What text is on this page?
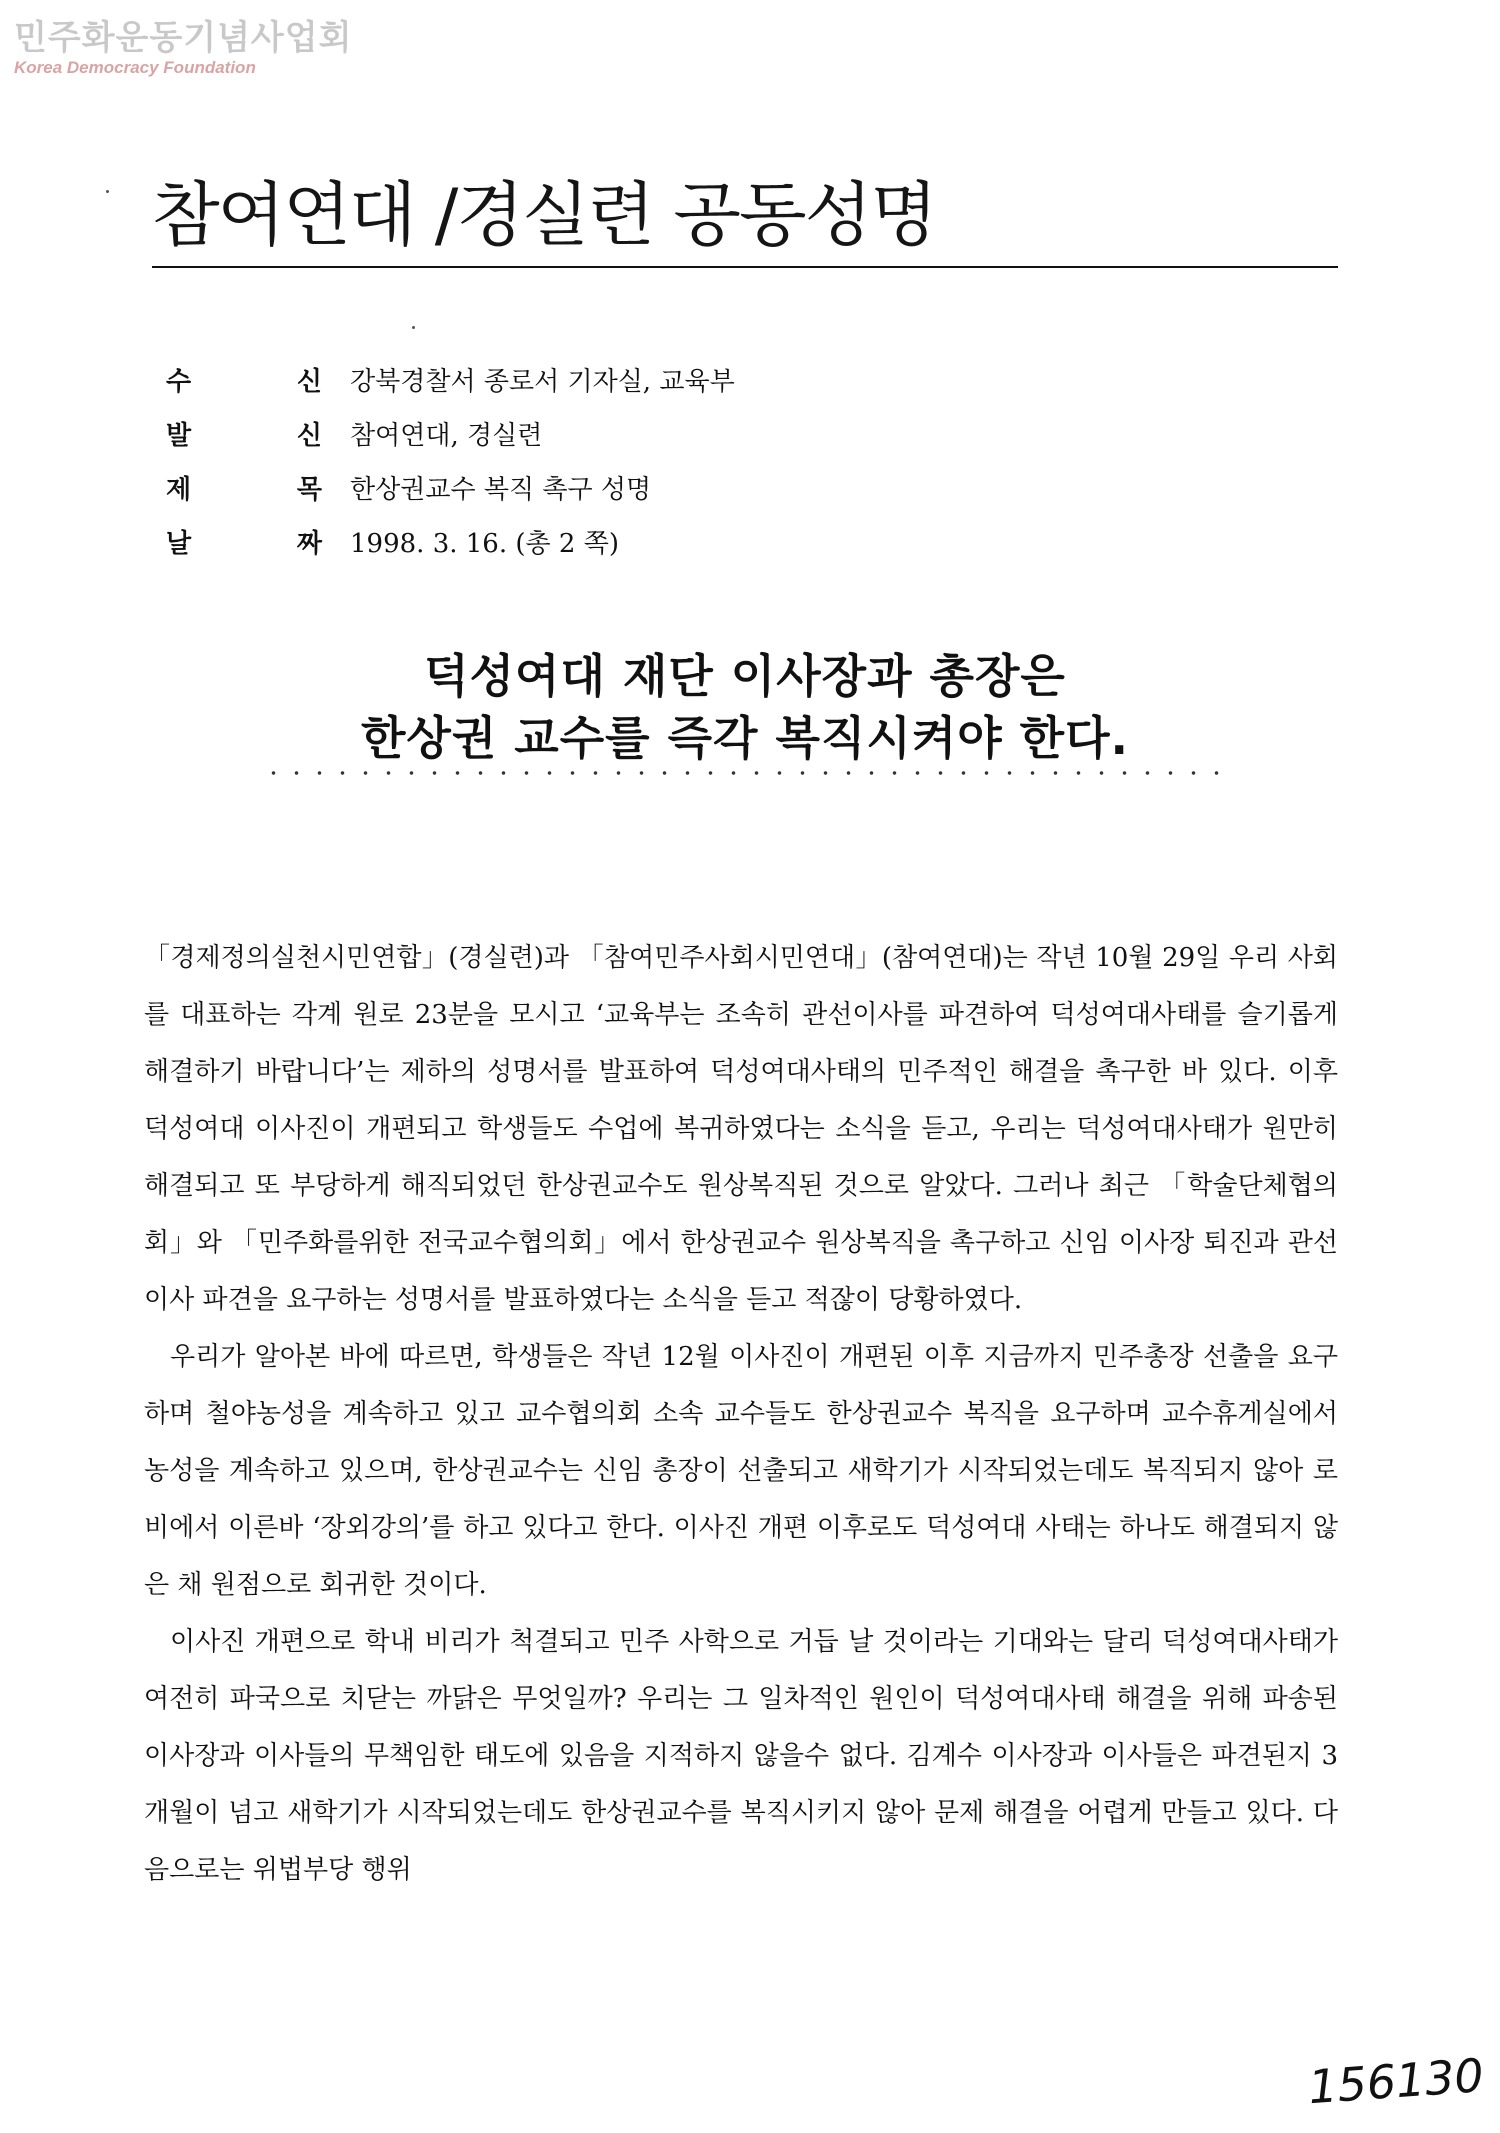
민주화운동기념사업회
Korea Democracy Foundation
참여연대 /경실련 공동성명
수	신 강북경찰서 종로서 기자실, 교육부
발	신 참여연대, 경실련
제	목 한상권교수 복직 촉구 성명
날	짜 1998. 3. 16. (총 2 쪽)
덕성여대 재단 이사장과 총장은
한상권 교수를 즉각 복직시켜야 한다.

「경제정의실천시민연합」(경실련)과 「참여민주사회시민연대」(참여연대)는 작년 10월 29일 우리 사회를 대표하는 각계 원로 23분을 모시고 ‘교육부는 조속히 관선이사를 파견하여 덕성여대사태를 슬기롭게 해결하기 바랍니다’는 제하의 성명서를 발표하여 덕성여대사태의 민주적인 해결을 촉구한 바 있다. 이후 덕성여대 이사진이 개편되고 학생들도 수업에 복귀하였다는 소식을 듣고, 우리는 덕성여대사태가 원만히 해결되고 또 부당하게 해직되었던 한상권교수도 원상복직된 것으로 알았다. 그러나 최근 「학술단체협의회」와 「민주화를위한 전국교수협의회」에서 한상권교수 원상복직을 촉구하고 신임 이사장 퇴진과 관선이사 파견을 요구하는 성명서를 발표하였다는 소식을 듣고 적잖이 당황하였다.

우리가 알아본 바에 따르면, 학생들은 작년 12월 이사진이 개편된 이후 지금까지 민주총장 선출을 요구하며 철야농성을 계속하고 있고 교수협의회 소속 교수들도 한상권교수 복직을 요구하며 교수휴게실에서 농성을 계속하고 있으며, 한상권교수는 신임 총장이 선출되고 새학기가 시작되었는데도 복직되지 않아 로비에서 이른바 ‘장외강의’를 하고 있다고 한다. 이사진 개편 이후로도 덕성여대 사태는 하나도 해결되지 않은 채 원점으로 회귀한 것이다.

이사진 개편으로 학내 비리가 척결되고 민주 사학으로 거듭 날 것이라는 기대와는 달리 덕성여대사태가 여전히 파국으로 치닫는 까닭은 무엇일까? 우리는 그 일차적인 원인이 덕성여대사태 해결을 위해 파송된 이사장과 이사들의 무책임한 태도에 있음을 지적하지 않을수 없다. 김계수 이사장과 이사들은 파견된지 3개월이 넘고 새학기가 시작되었는데도 한상권교수를 복직시키지 않아 문제 해결을 어렵게 만들고 있다. 다음으로는 위법부당 행위

156130
